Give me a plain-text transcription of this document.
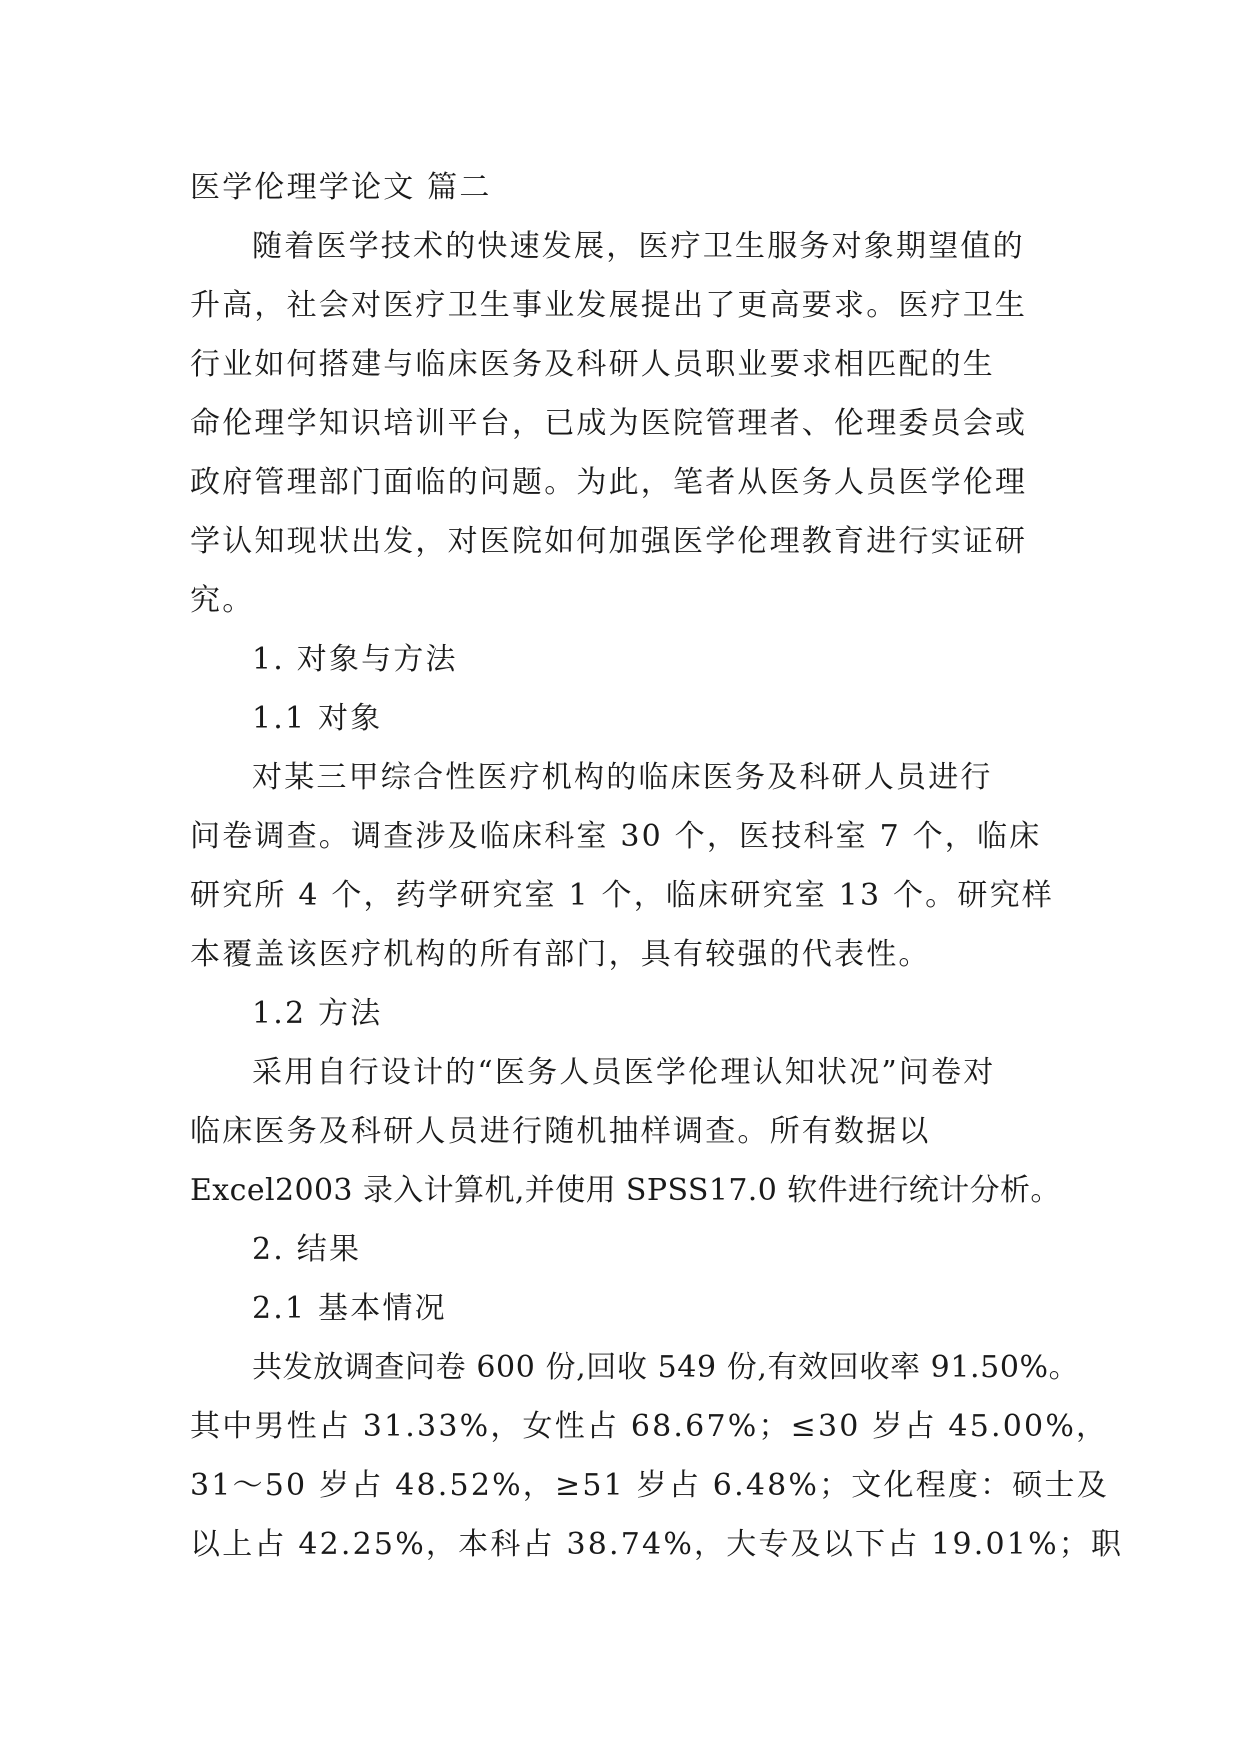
医学伦理学论文 篇二

随着医学技术的快速发展，医疗卫生服务对象期望值的
升高，社会对医疗卫生事业发展提出了更高要求。医疗卫生
行业如何搭建与临床医务及科研人员职业要求相匹配的生
命伦理学知识培训平台，已成为医院管理者、伦理委员会或
政府管理部门面临的问题。为此，笔者从医务人员医学伦理
学认知现状出发，对医院如何加强医学伦理教育进行实证研
究。

1. 对象与方法
1.1 对象

对某三甲综合性医疗机构的临床医务及科研人员进行
问卷调查。调查涉及临床科室 30 个，医技科室 7 个，临床
研究所 4 个，药学研究室 1 个，临床研究室 13 个。研究样
本覆盖该医疗机构的所有部门，具有较强的代表性。

1.2 方法

采用自行设计的“医务人员医学伦理认知状况”问卷对
临床医务及科研人员进行随机抽样调查。所有数据以
Excel2003 录入计算机,并使用 SPSS17.0 软件进行统计分析。

2. 结果
2.1 基本情况

共发放调查问卷 600 份,回收 549 份,有效回收率 91.50%。
其中男性占 31.33%，女性占 68.67%；≤30 岁占 45.00%，
31～50 岁占 48.52%，≥51 岁占 6.48%；文化程度：硕士及
以上占 42.25%，本科占 38.74%，大专及以下占 19.01%；职
